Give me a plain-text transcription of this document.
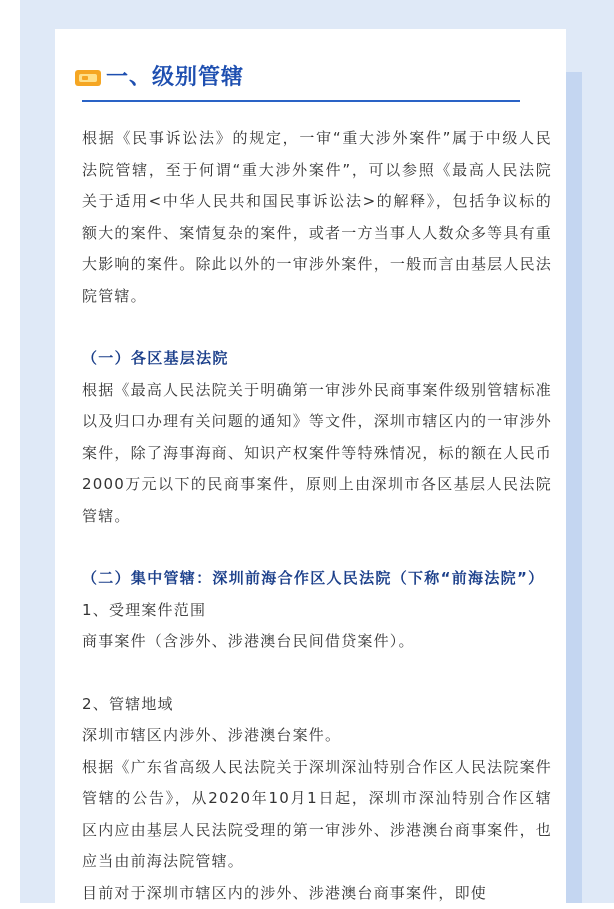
一、级别管辖

根据《民事诉讼法》的规定，一审“重大涉外案件”属于中级人民法院管辖，至于何谓“重大涉外案件”，可以参照《最高人民法院关于适用<中华人民共和国民事诉讼法>的解释》，包括争议标的额大的案件、案情复杂的案件，或者一方当事人人数众多等具有重大影响的案件。除此以外的一审涉外案件，一般而言由基层人民法院管辖。

（一）各区基层法院

根据《最高人民法院关于明确第一审涉外民商事案件级别管辖标准以及归口办理有关问题的通知》等文件，深圳市辖区内的一审涉外案件，除了海事海商、知识产权案件等特殊情况，标的额在人民币2000万元以下的民商事案件，原则上由深圳市各区基层人民法院管辖。

（二）集中管辖：深圳前海合作区人民法院（下称“前海法院”）

1、受理案件范围

商事案件（含涉外、涉港澳台民间借贷案件）。

2、管辖地域

深圳市辖区内涉外、涉港澳台案件。

根据《广东省高级人民法院关于深圳深汕特别合作区人民法院案件管辖的公告》，从2020年10月1日起，深圳市深汕特别合作区辖区内应由基层人民法院受理的第一审涉外、涉港澳台商事案件，也应当由前海法院管辖。

目前对于深圳市辖区内的涉外、涉港澳台商事案件，即使
